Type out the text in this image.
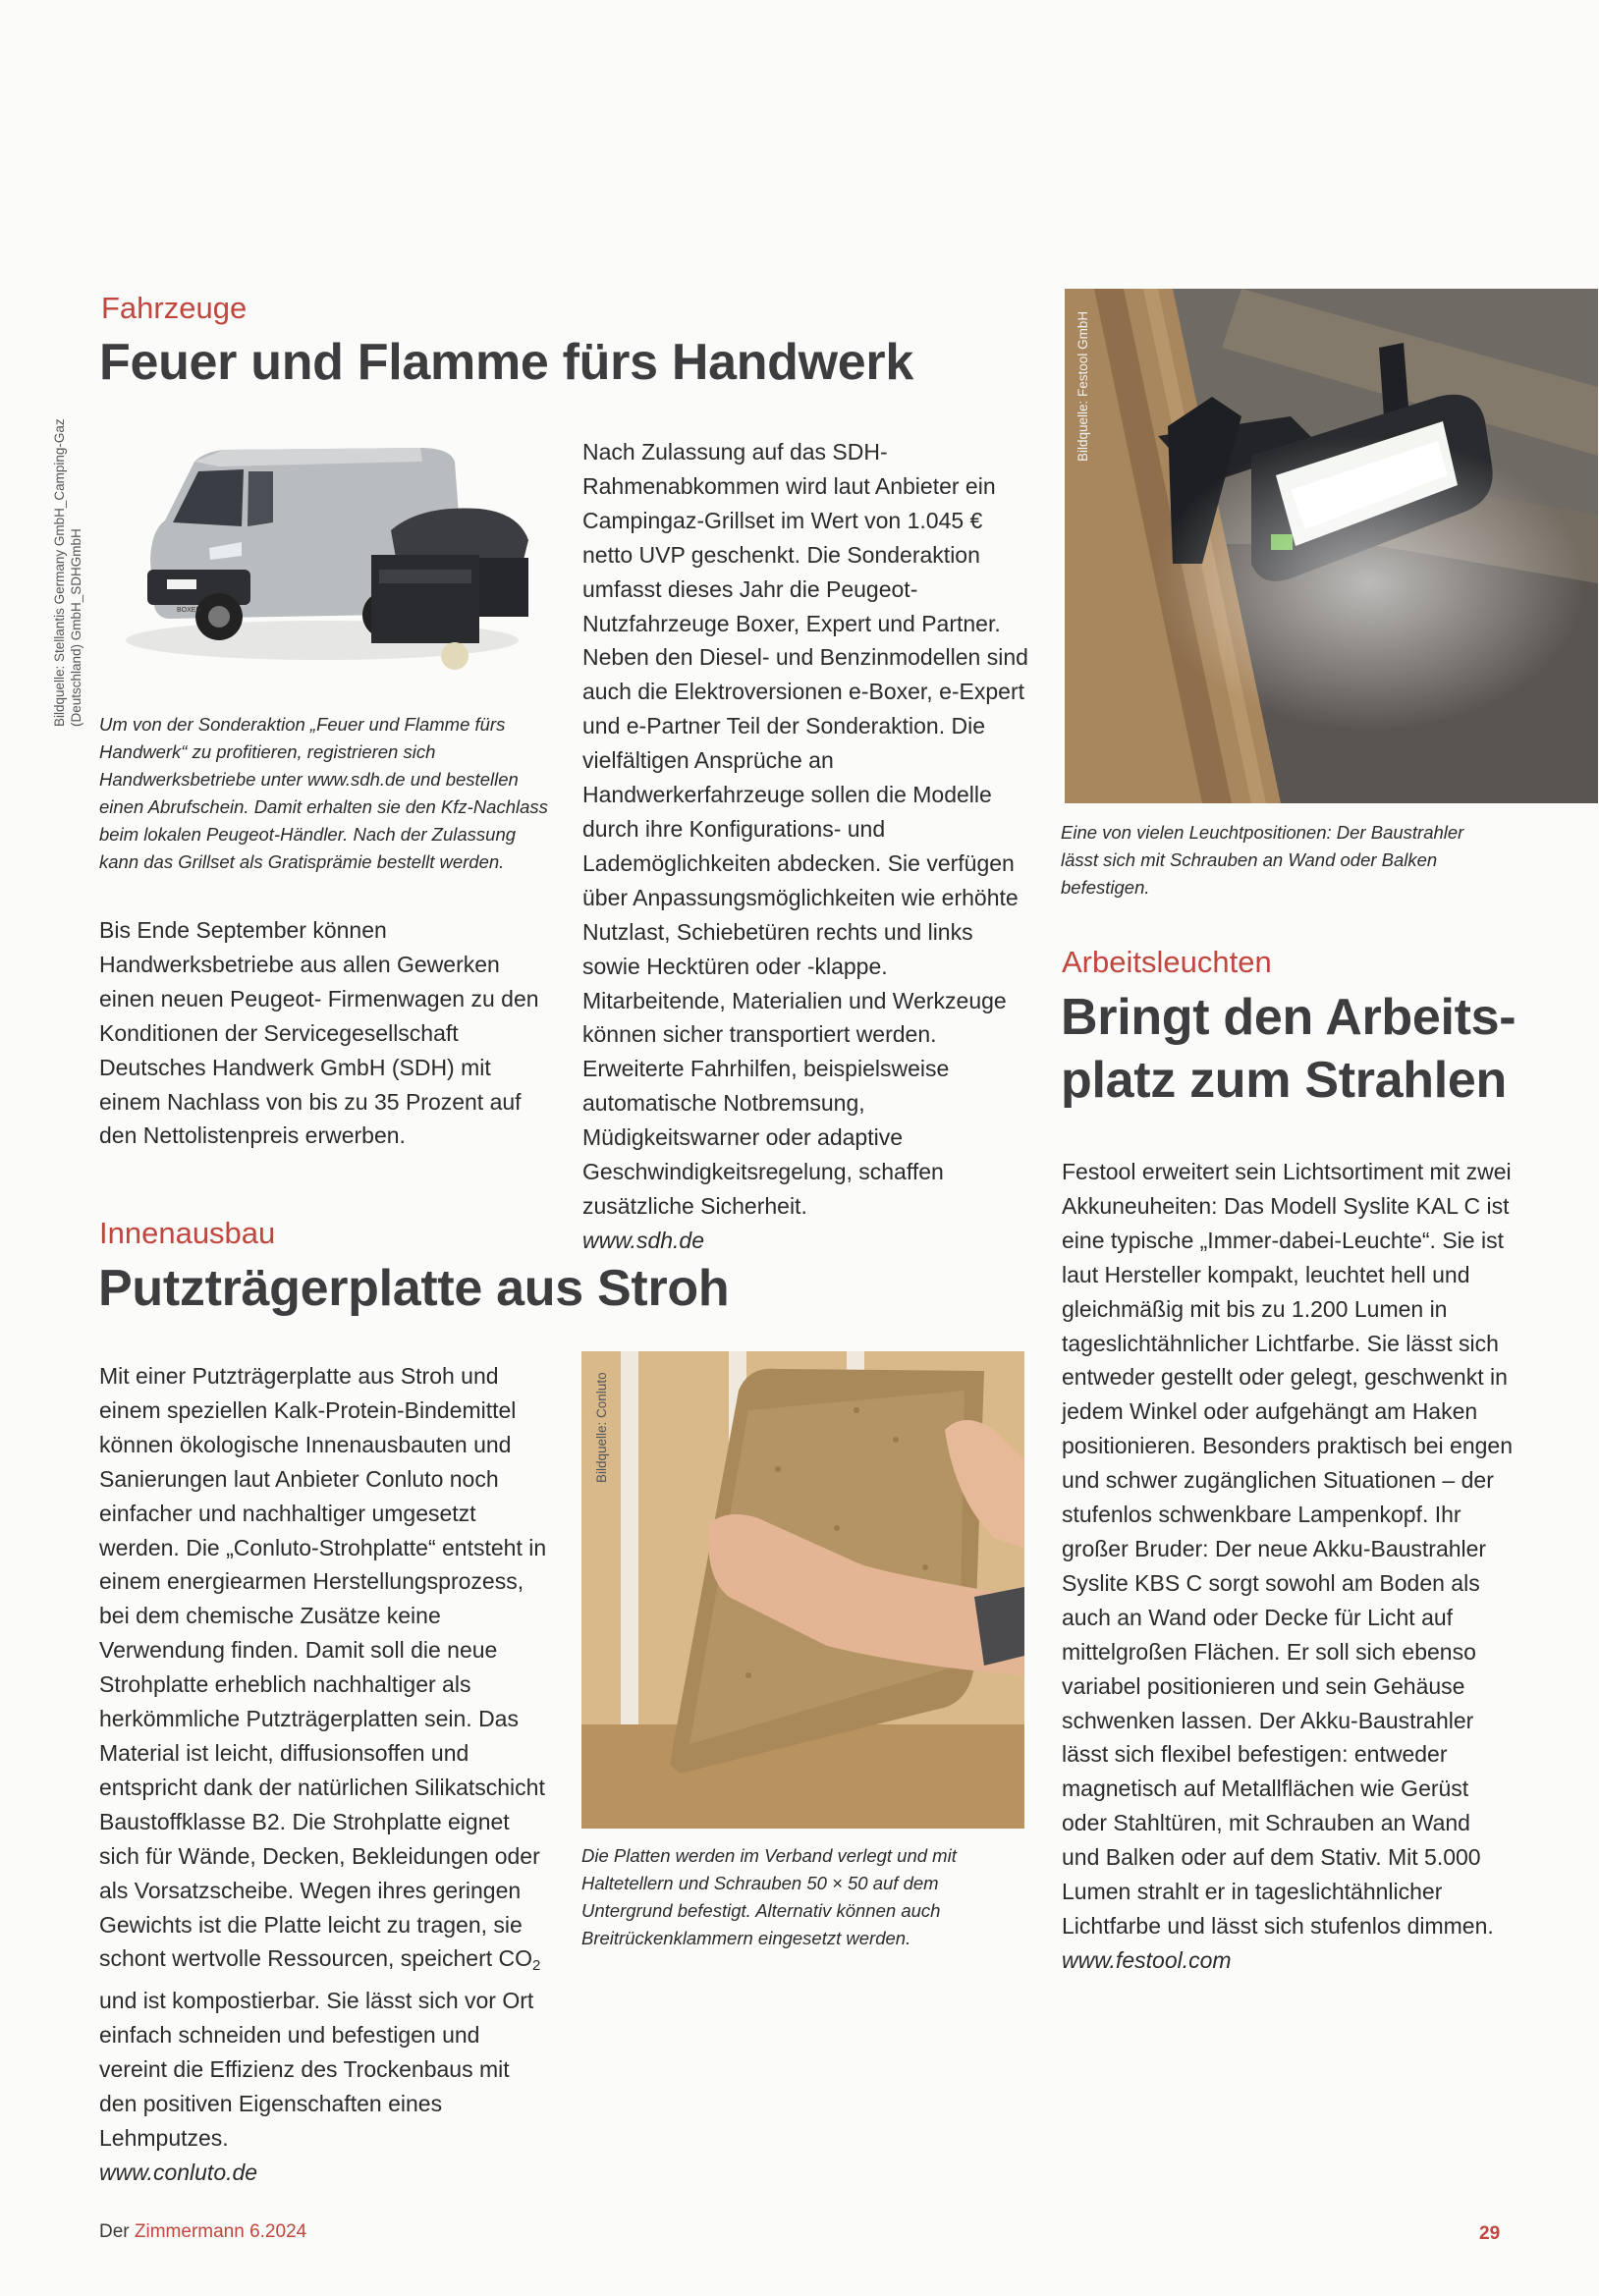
Fahrzeuge

Feuer und Flamme fürs Handwerk
Bildquelle: Stellantis Germany GmbH_Camping-Gaz (Deutschland) GmbH_SDHGmbH	BOXER

Um von der Sonderaktion „Feuer und Flamme fürs Handwerk“ zu profitieren, registrieren sich Handwerksbetriebe unter www.sdh.de und bestellen einen Abrufschein. Damit erhalten sie den Kfz-Nachlass beim lokalen Peugeot-Händler. Nach der Zulassung kann das Grillset als Gratisprämie bestellt werden.

Bis Ende September können Handwerksbetriebe aus allen Gewerken einen neuen Peugeot- Firmenwagen zu den Konditionen der Servicegesellschaft Deutsches Handwerk GmbH (SDH) mit einem Nachlass von bis zu 35 Prozent auf den Nettolistenpreis erwerben.

Nach Zulassung auf das SDH-Rahmenabkommen wird laut Anbieter ein Campingaz-Grillset im Wert von 1.045 € netto UVP geschenkt. Die Sonderaktion umfasst dieses Jahr die Peugeot-Nutzfahrzeuge Boxer, Expert und Partner. Neben den Diesel- und Benzinmodellen sind auch die Elektroversionen e-Boxer, e-Expert und e-Partner Teil der Sonderaktion. Die vielfältigen Ansprüche an Handwerkerfahrzeuge sollen die Modelle durch ihre Konfigurations- und Lademöglichkeiten abdecken. Sie verfügen über Anpassungsmöglichkeiten wie erhöhte Nutzlast, Schiebetüren rechts und links sowie Hecktüren oder -klappe. Mitarbeitende, Materialien und Werkzeuge können sicher transportiert werden. Erweiterte Fahrhilfen, beispielsweise automatische Notbremsung, Müdigkeitswarner oder adaptive Geschwindigkeitsregelung, schaffen zusätzliche Sicherheit.
www.sdh.de
Bildquelle: Festool GmbH

Eine von vielen Leuchtpositionen: Der Baustrahler lässt sich mit Schrauben an Wand oder Balken befestigen.

Arbeitsleuchten

Bringt den Arbeits-
platz zum Strahlen
Festool erweitert sein Lichtsortiment mit zwei Akkuneuheiten: Das Modell Syslite KAL C ist eine typische „Immer-dabei-Leuchte“. Sie ist laut Hersteller kompakt, leuchtet hell und gleichmäßig mit bis zu 1.200 Lumen in tageslichtähnlicher Lichtfarbe. Sie lässt sich entweder gestellt oder gelegt, geschwenkt in jedem Winkel oder aufgehängt am Haken positionieren. Besonders praktisch bei engen und schwer zugänglichen Situationen – der stufenlos schwenkbare Lampenkopf. Ihr großer Bruder: Der neue Akku-Baustrahler Syslite KBS C sorgt sowohl am Boden als auch an Wand oder Decke für Licht auf mittelgroßen Flächen. Er soll sich ebenso variabel positionieren und sein Gehäuse schwenken lassen. Der Akku-Baustrahler lässt sich flexibel befestigen: entweder magnetisch auf Metallflächen wie Gerüst oder Stahltüren, mit Schrauben an Wand und Balken oder auf dem Stativ. Mit 5.000 Lumen strahlt er in tageslichtähnlicher Lichtfarbe und lässt sich stufenlos dimmen.
www.festool.com

Innenausbau

Putzträgerplatte aus Stroh
Mit einer Putzträgerplatte aus Stroh und einem speziellen Kalk-Protein-Bindemittel können ökologische Innenausbauten und Sanierungen laut Anbieter Conluto noch einfacher und nachhaltiger umgesetzt werden. Die „Conluto-Strohplatte“ entsteht in einem energiearmen Herstellungsprozess, bei dem chemische Zusätze keine Verwendung finden. Damit soll die neue Strohplatte erheblich nachhaltiger als herkömmliche Putzträgerplatten sein. Das Material ist leicht, diffusionsoffen und entspricht dank der natürlichen Silikatschicht Baustoffklasse B2. Die Strohplatte eignet sich für Wände, Decken, Bekleidungen oder als Vorsatzscheibe. Wegen ihres geringen Gewichts ist die Platte leicht zu tragen, sie schont wertvolle Ressourcen, speichert $CO_2$ und ist kompostierbar. Sie lässt sich vor Ort einfach schneiden und befestigen und vereint die Effizienz des Trockenbaus mit den positiven Eigenschaften eines Lehmputzes.
www.conluto.de
Bildquelle: Conluto

Die Platten werden im Verband verlegt und mit Haltetellern und Schrauben 50 × 50 auf dem Untergrund befestigt. Alternativ können auch Breitrückenklammern eingesetzt werden.

Der Zimmermann 6.2024	29
